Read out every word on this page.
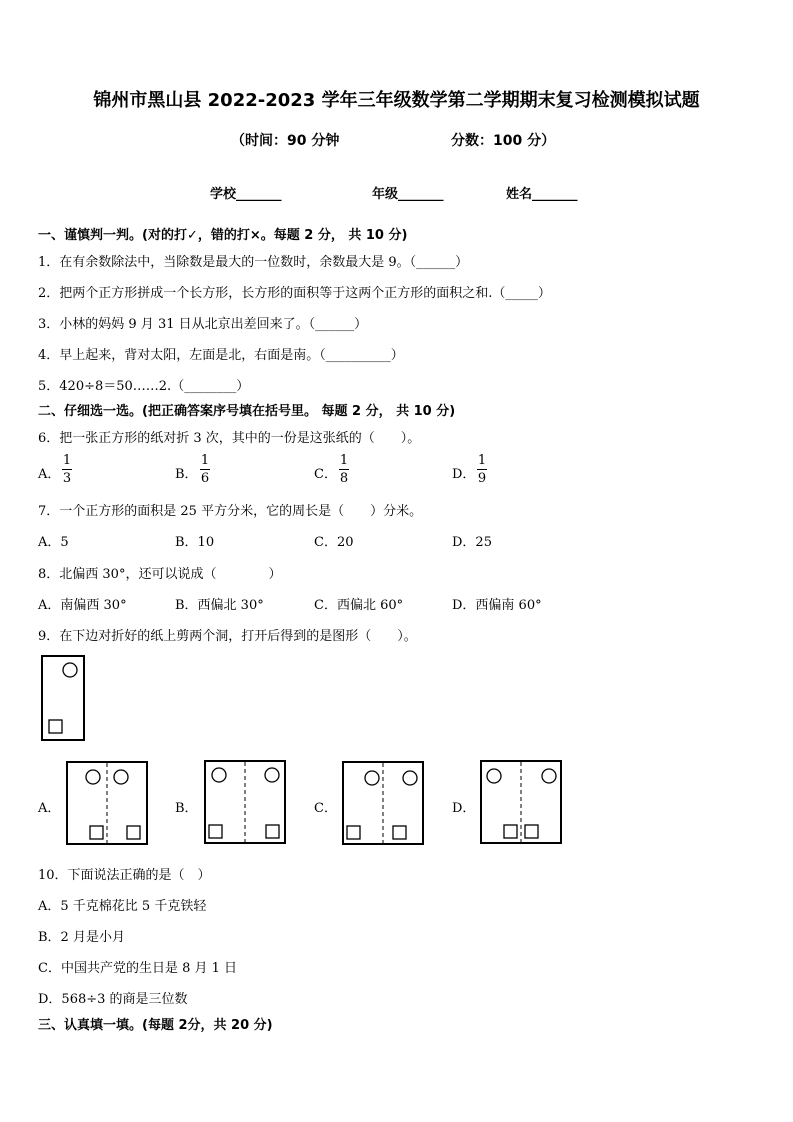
锦州市黑山县 2022-2023 学年三年级数学第二学期期末复习检测模拟试题
（时间：90 分钟	分数：100 分）
学校_______	年级_______	姓名_______
一、谨慎判一判。(对的打✓，错的打×。每题 2 分， 共 10 分)
1．在有余数除法中，当除数是最大的一位数时，余数最大是 9。（______）
2．把两个正方形拼成一个长方形，长方形的面积等于这两个正方形的面积之和.（_____）
3．小林的妈妈 9 月 31 日从北京出差回来了。（______）
4．早上起来，背对太阳，左面是北，右面是南。（__________）
5．420÷8＝50……2.（________）
二、仔细选一选。(把正确答案序号填在括号里。 每题 2 分， 共 10 分)
6．把一张正方形的纸对折 3 次，其中的一份是这张纸的（　　）。
A．
1
3	B．
1
6	C．
1
8	D．
1
9
7．一个正方形的面积是 25 平方分米，它的周长是（　　）分米。
A．5	B．10	C．20	D．25
8．北偏西 30°，还可以说成（　　　　）
A．南偏西 30°	B．西偏北 30°	C．西偏北 60°	D．西偏南 60°
9．在下边对折好的纸上剪两个洞，打开后得到的是图形（　　）。
A．	B．	C．	D．
10．下面说法正确的是（　）
A．5 千克棉花比 5 千克铁轻
B．2 月是小月
C．中国共产党的生日是 8 月 1 日
D．568÷3 的商是三位数
三、认真填一填。(每题 2分，共 20 分)
